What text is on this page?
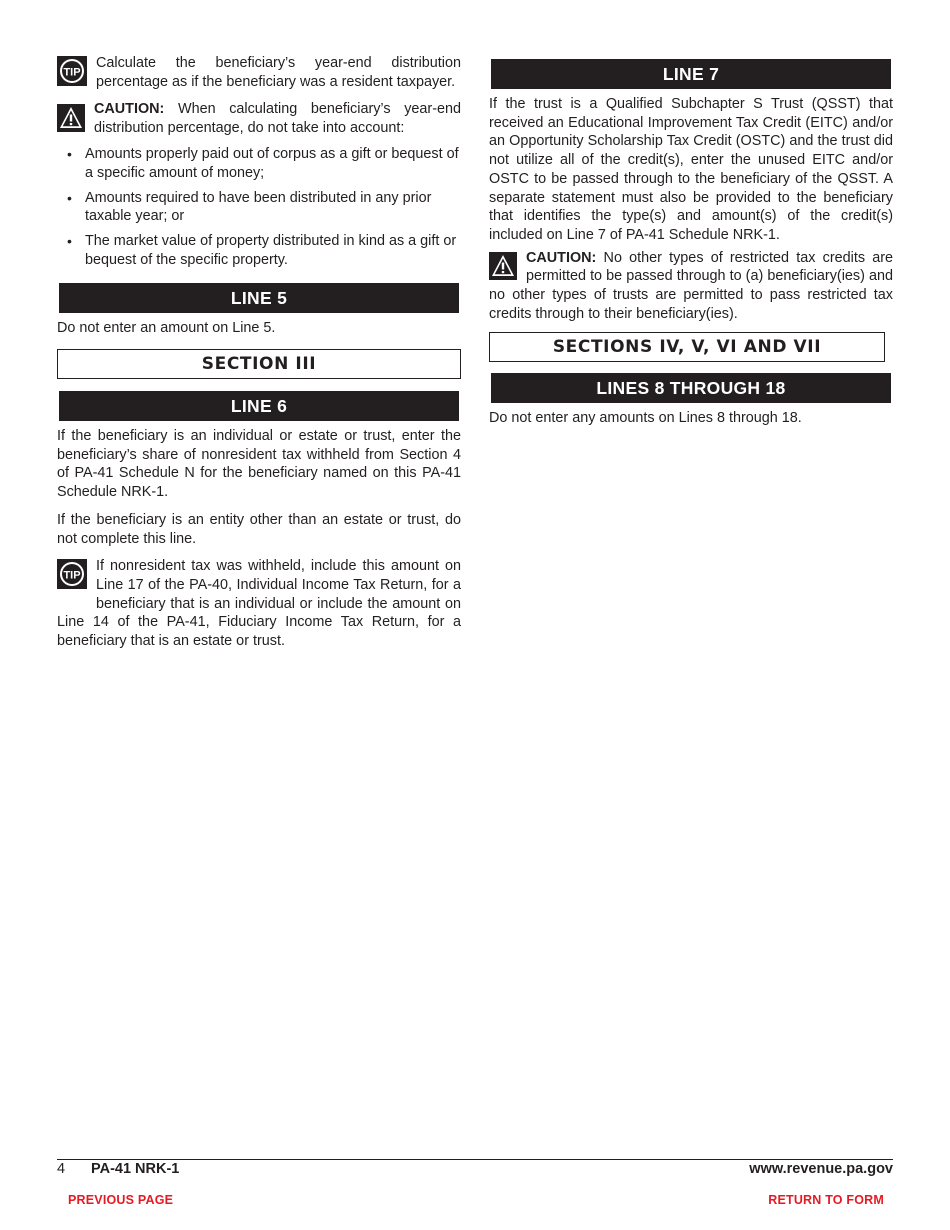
TIP
Calculate the beneficiary’s year-end distribution percentage as if the beneficiary was a resident taxpayer.
CAUTION: When calculating beneficiary’s year-end distribution percentage, do not take into account:
• Amounts properly paid out of corpus as a gift or bequest of a specific amount of money;
• Amounts required to have been distributed in any prior taxable year; or
• The market value of property distributed in kind as a gift or bequest of the specific property.
LINE 5

Do not enter an amount on Line 5.

SECTION III
LINE 6

If the beneficiary is an individual or estate or trust, enter the beneficiary’s share of nonresident tax withheld from Section 4 of PA-41 Schedule N for the beneficiary named on this PA-41 Schedule NRK-1.

If the beneficiary is an entity other than an estate or trust, do not complete this line.

TIP
If nonresident tax was withheld, include this amount on Line 17 of the PA-40, Individual Income Tax Return, for a beneficiary that is an individual or include the amount on Line 14 of the PA-41, Fiduciary Income Tax Return, for a beneficiary that is an estate or trust.
LINE 7

If the trust is a Qualified Subchapter S Trust (QSST) that received an Educational Improvement Tax Credit (EITC) and/or an Opportunity Scholarship Tax Credit (OSTC) and the trust did not utilize all of the credit(s), enter the unused EITC and/or OSTC to be passed through to the beneficiary of the QSST. A separate statement must also be provided to the beneficiary that identifies the type(s) and amount(s) of the credit(s) included on Line 7 of PA-41 Schedule NRK-1.

CAUTION: No other types of restricted tax credits are permitted to be passed through to (a) beneficiary(ies) and no other types of trusts are permitted to pass restricted tax credits through to their beneficiary(ies).
SECTIONS IV, V, VI AND VII
LINES 8 THROUGH 18

Do not enter any amounts on Lines 8 through 18.

4 PA-41 NRK-1	www.revenue.pa.gov
PREVIOUS PAGE	RETURN TO FORM
